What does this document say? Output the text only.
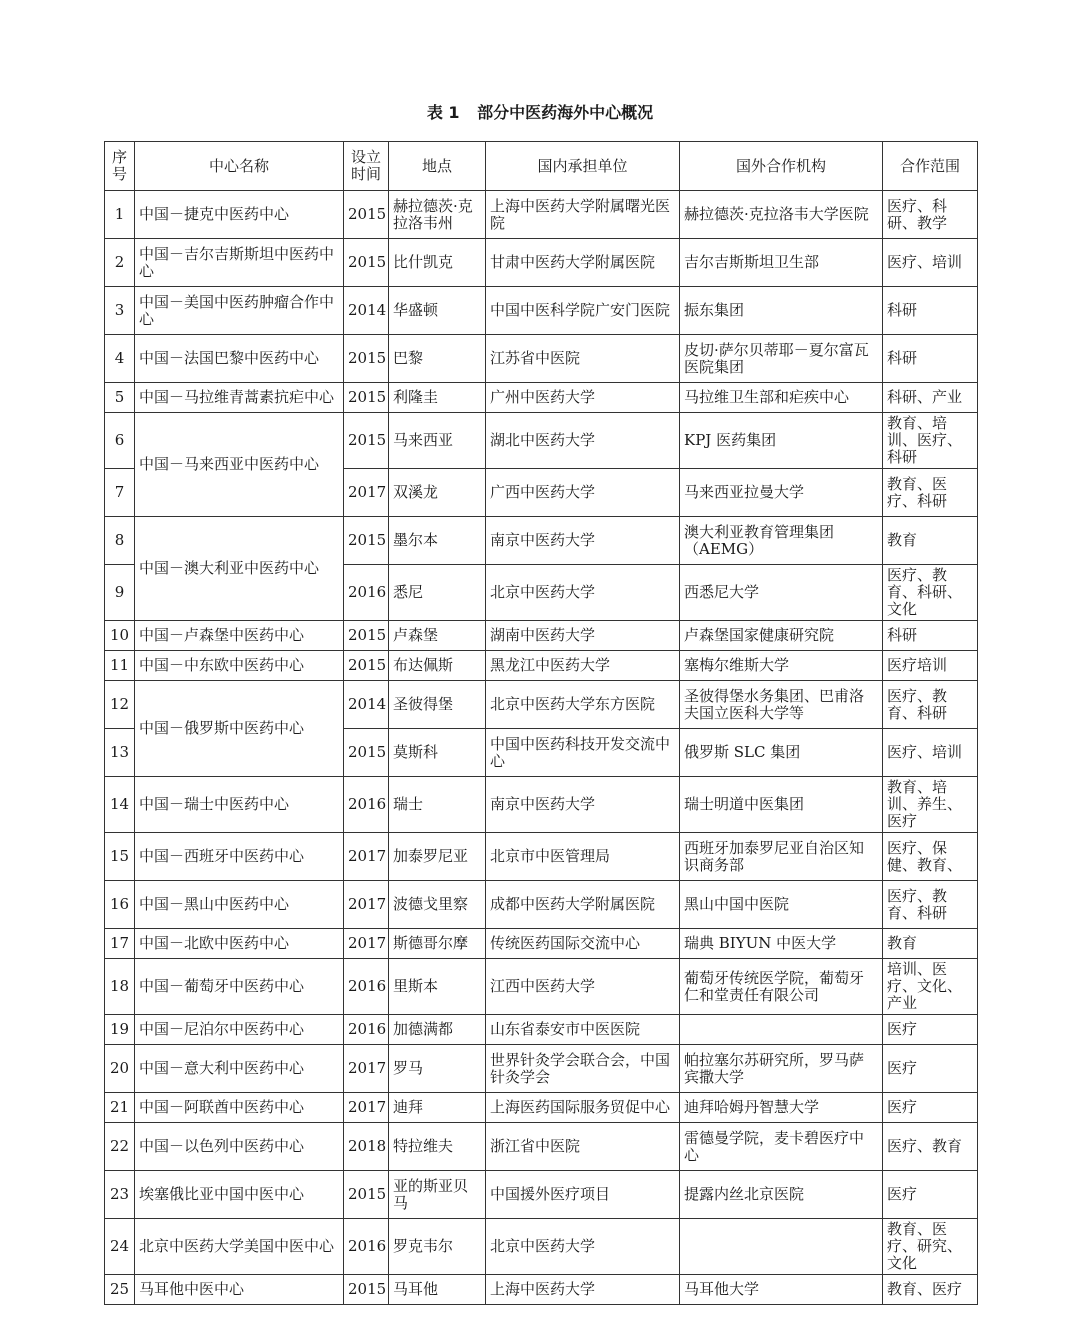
表 1 部分中医药海外中心概况
序号	中心名称	设立时间	地点	国内承担单位	国外合作机构	合作范围
1	中国－捷克中医药中心	2015	赫拉德茨·克拉洛韦州	上海中医药大学附属曙光医院	赫拉德茨·克拉洛韦大学医院	医疗、科研、教学
2	中国－吉尔吉斯斯坦中医药中心	2015	比什凯克	甘肃中医药大学附属医院	吉尔吉斯斯坦卫生部	医疗、培训
3	中国－美国中医药肿瘤合作中心	2014	华盛顿	中国中医科学院广安门医院	振东集团	科研
4	中国－法国巴黎中医药中心	2015	巴黎	江苏省中医院	皮切·萨尔贝蒂耶－夏尔富瓦医院集团	科研
5	中国－马拉维青蒿素抗疟中心	2015	利隆圭	广州中医药大学	马拉维卫生部和疟疾中心	科研、产业
6	中国－马来西亚中医药中心	2015	马来西亚	湖北中医药大学	KPJ 医药集团	教育、培训、医疗、科研
7		2017	双溪龙	广西中医药大学	马来西亚拉曼大学	教育、医疗、科研
8	中国－澳大利亚中医药中心	2015	墨尔本	南京中医药大学	澳大利亚教育管理集团（AEMG）	教育
9		2016	悉尼	北京中医药大学	西悉尼大学	医疗、教育、科研、文化
10	中国－卢森堡中医药中心	2015	卢森堡	湖南中医药大学	卢森堡国家健康研究院	科研
11	中国－中东欧中医药中心	2015	布达佩斯	黑龙江中医药大学	塞梅尔维斯大学	医疗培训
12	中国－俄罗斯中医药中心	2014	圣彼得堡	北京中医药大学东方医院	圣彼得堡水务集团、巴甫洛夫国立医科大学等	医疗、教育、科研
13		2015	莫斯科	中国中医药科技开发交流中心	俄罗斯 SLC 集团	医疗、培训
14	中国－瑞士中医药中心	2016	瑞士	南京中医药大学	瑞士明道中医集团	教育、培训、养生、医疗
15	中国－西班牙中医药中心	2017	加泰罗尼亚	北京市中医管理局	西班牙加泰罗尼亚自治区知识商务部	医疗、保健、教育、
16	中国－黑山中医药中心	2017	波德戈里察	成都中医药大学附属医院	黑山中国中医院	医疗、教育、科研
17	中国－北欧中医药中心	2017	斯德哥尔摩	传统医药国际交流中心	瑞典 BIYUN 中医大学	教育
18	中国－葡萄牙中医药中心	2016	里斯本	江西中医药大学	葡萄牙传统医学院，葡萄牙仁和堂责任有限公司	培训、医疗、文化、产业
19	中国－尼泊尔中医药中心	2016	加德满都	山东省泰安市中医医院		医疗
20	中国－意大利中医药中心	2017	罗马	世界针灸学会联合会，中国针灸学会	帕拉塞尔苏研究所，罗马萨宾撒大学	医疗
21	中国－阿联酋中医药中心	2017	迪拜	上海医药国际服务贸促中心	迪拜哈姆丹智慧大学	医疗
22	中国－以色列中医药中心	2018	特拉维夫	浙江省中医院	雷德曼学院，麦卡碧医疗中心	医疗、教育
23	埃塞俄比亚中国中医中心	2015	亚的斯亚贝马	中国援外医疗项目	提露内丝北京医院	医疗
24	北京中医药大学美国中医中心	2016	罗克韦尔	北京中医药大学		教育、医疗、研究、文化
25	马耳他中医中心	2015	马耳他	上海中医药大学	马耳他大学	教育、医疗
